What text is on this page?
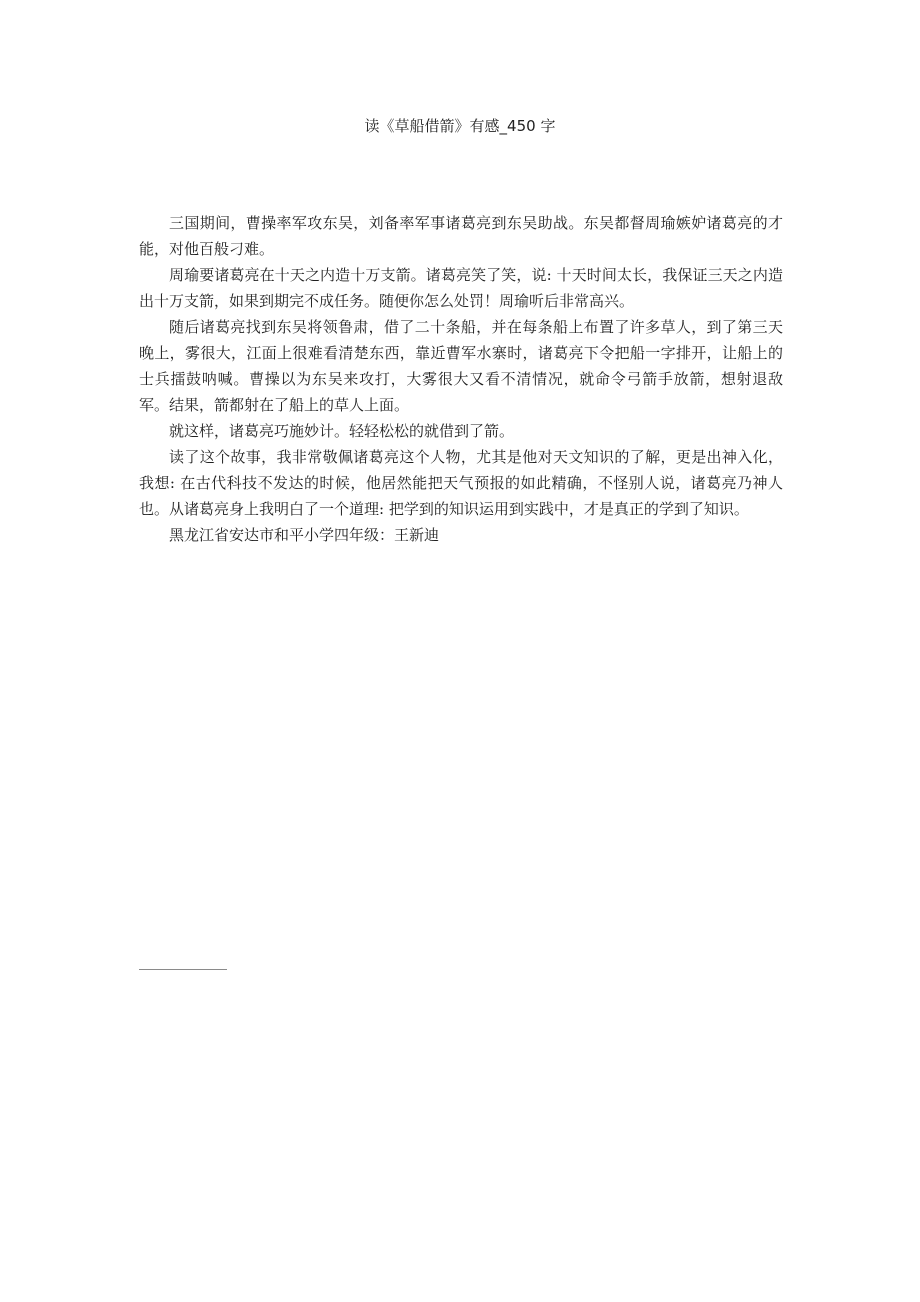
读《草船借箭》有感_450 字

三国期间，曹操率军攻东吴，刘备率军事诸葛亮到东吴助战。东吴都督周瑜嫉妒诸葛亮的才能，对他百般刁难。

周瑜要诸葛亮在十天之内造十万支箭。诸葛亮笑了笑，说: 十天时间太长，我保证三天之内造出十万支箭，如果到期完不成任务。随便你怎么处罚！周瑜听后非常高兴。

随后诸葛亮找到东吴将领鲁肃，借了二十条船，并在每条船上布置了许多草人，到了第三天晚上，雾很大，江面上很难看清楚东西，靠近曹军水寨时，诸葛亮下令把船一字排开，让船上的士兵擂鼓呐喊。曹操以为东吴来攻打，大雾很大又看不清情况，就命令弓箭手放箭，想射退敌军。结果，箭都射在了船上的草人上面。

就这样，诸葛亮巧施妙计。轻轻松松的就借到了箭。

读了这个故事，我非常敬佩诸葛亮这个人物，尤其是他对天文知识的了解，更是出神入化，我想: 在古代科技不发达的时候，他居然能把天气预报的如此精确，不怪别人说，诸葛亮乃神人也。从诸葛亮身上我明白了一个道理: 把学到的知识运用到实践中，才是真正的学到了知识。

黑龙江省安达市和平小学四年级：王新迪
